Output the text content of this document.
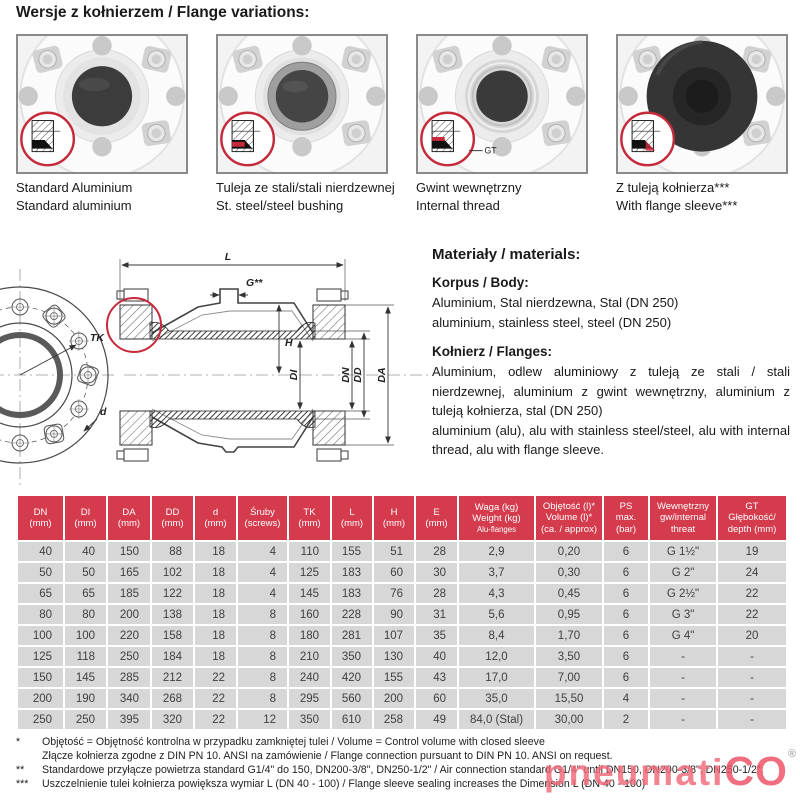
Wersje z kołnierzem / Flange variations:
Standard Aluminium
Standard aluminium
Tuleja ze stali/stali nierdzewnej
St. steel/steel bushing
GT
Gwint wewnętrzny
Internal thread
Z tuleją kołnierza***
With flange sleeve***
TK
d
L
G**
H
DI	DN DD DA
Materiały / materials:
Korpus / Body:

Aluminium, Stal nierdzewna, Stal (DN 250)

aluminium, stainless steel, steel (DN 250)

Kołnierz / Flanges:

Aluminium, odlew aluminiowy z tuleją ze stali / stali nierdzewnej, aluminium z gwint wewnętrzny, aluminium z tuleją kołnierza, stal (DN 250)

aluminium (alu), alu with stainless steel/steel, alu with internal thread, alu with flange sleeve.

DN
(mm)

DI
(mm)

DA
(mm)

DD
(mm)

d
(mm)

Śruby
(screws)

TK
(mm)

L
(mm)

H
(mm)

E
(mm)

Waga (kg)
Weight (kg)
Alu-flanges

Objętość (l)*
Volume (l)*
(ca. / approx)

PS
max.
(bar)

Wewnętrzny
gw/internal
threat

GT
Głębokość/
depth (mm)

40	40	150	88	18	4	110	155	51	28	2,9	0,20	6	G 1½"	19
50	50	165	102	18	4	125	183	60	30	3,7	0,30	6	G 2"	24
65	65	185	122	18	4	145	183	76	28	4,3	0,45	6	G 2½"	22
80	80	200	138	18	8	160	228	90	31	5,6	0,95	6	G 3"	22
100	100	220	158	18	8	180	281	107	35	8,4	1,70	6	G 4"	20
125	118	250	184	18	8	210	350	130	40	12,0	3,50	6	-	-
150	145	285	212	22	8	240	420	155	43	17,0	7,00	6	-	-
200	190	340	268	22	8	295	560	200	60	35,0	15,50	4	-	-
250	250	395	320	22	12	350	610	258	49	84,0 (Stal)	30,00	2	-	-
*	Objętość = Objętność kontrolna w przypadku zamkniętej tulei / Volume = Control volume with closed sleeve
Złącze kołnierza zgodne z DIN PN 10. ANSI na zamówienie / Flange connection pursuant to DIN PN 10. ANSI on request.
**	Standardowe przyłącze powietrza standard G1/4" do 150, DN200-3/8", DN250-1/2" / Air connection standard G1/4" until DN150, DN200-3/8", DN250-1/2".
***	Uszczelnienie tulei kołnierza powiększa wymiar L (DN 40 - 100) / Flange sleeve sealing increases the Dimension L (DN 40 - 100)
pneumatiCO®
